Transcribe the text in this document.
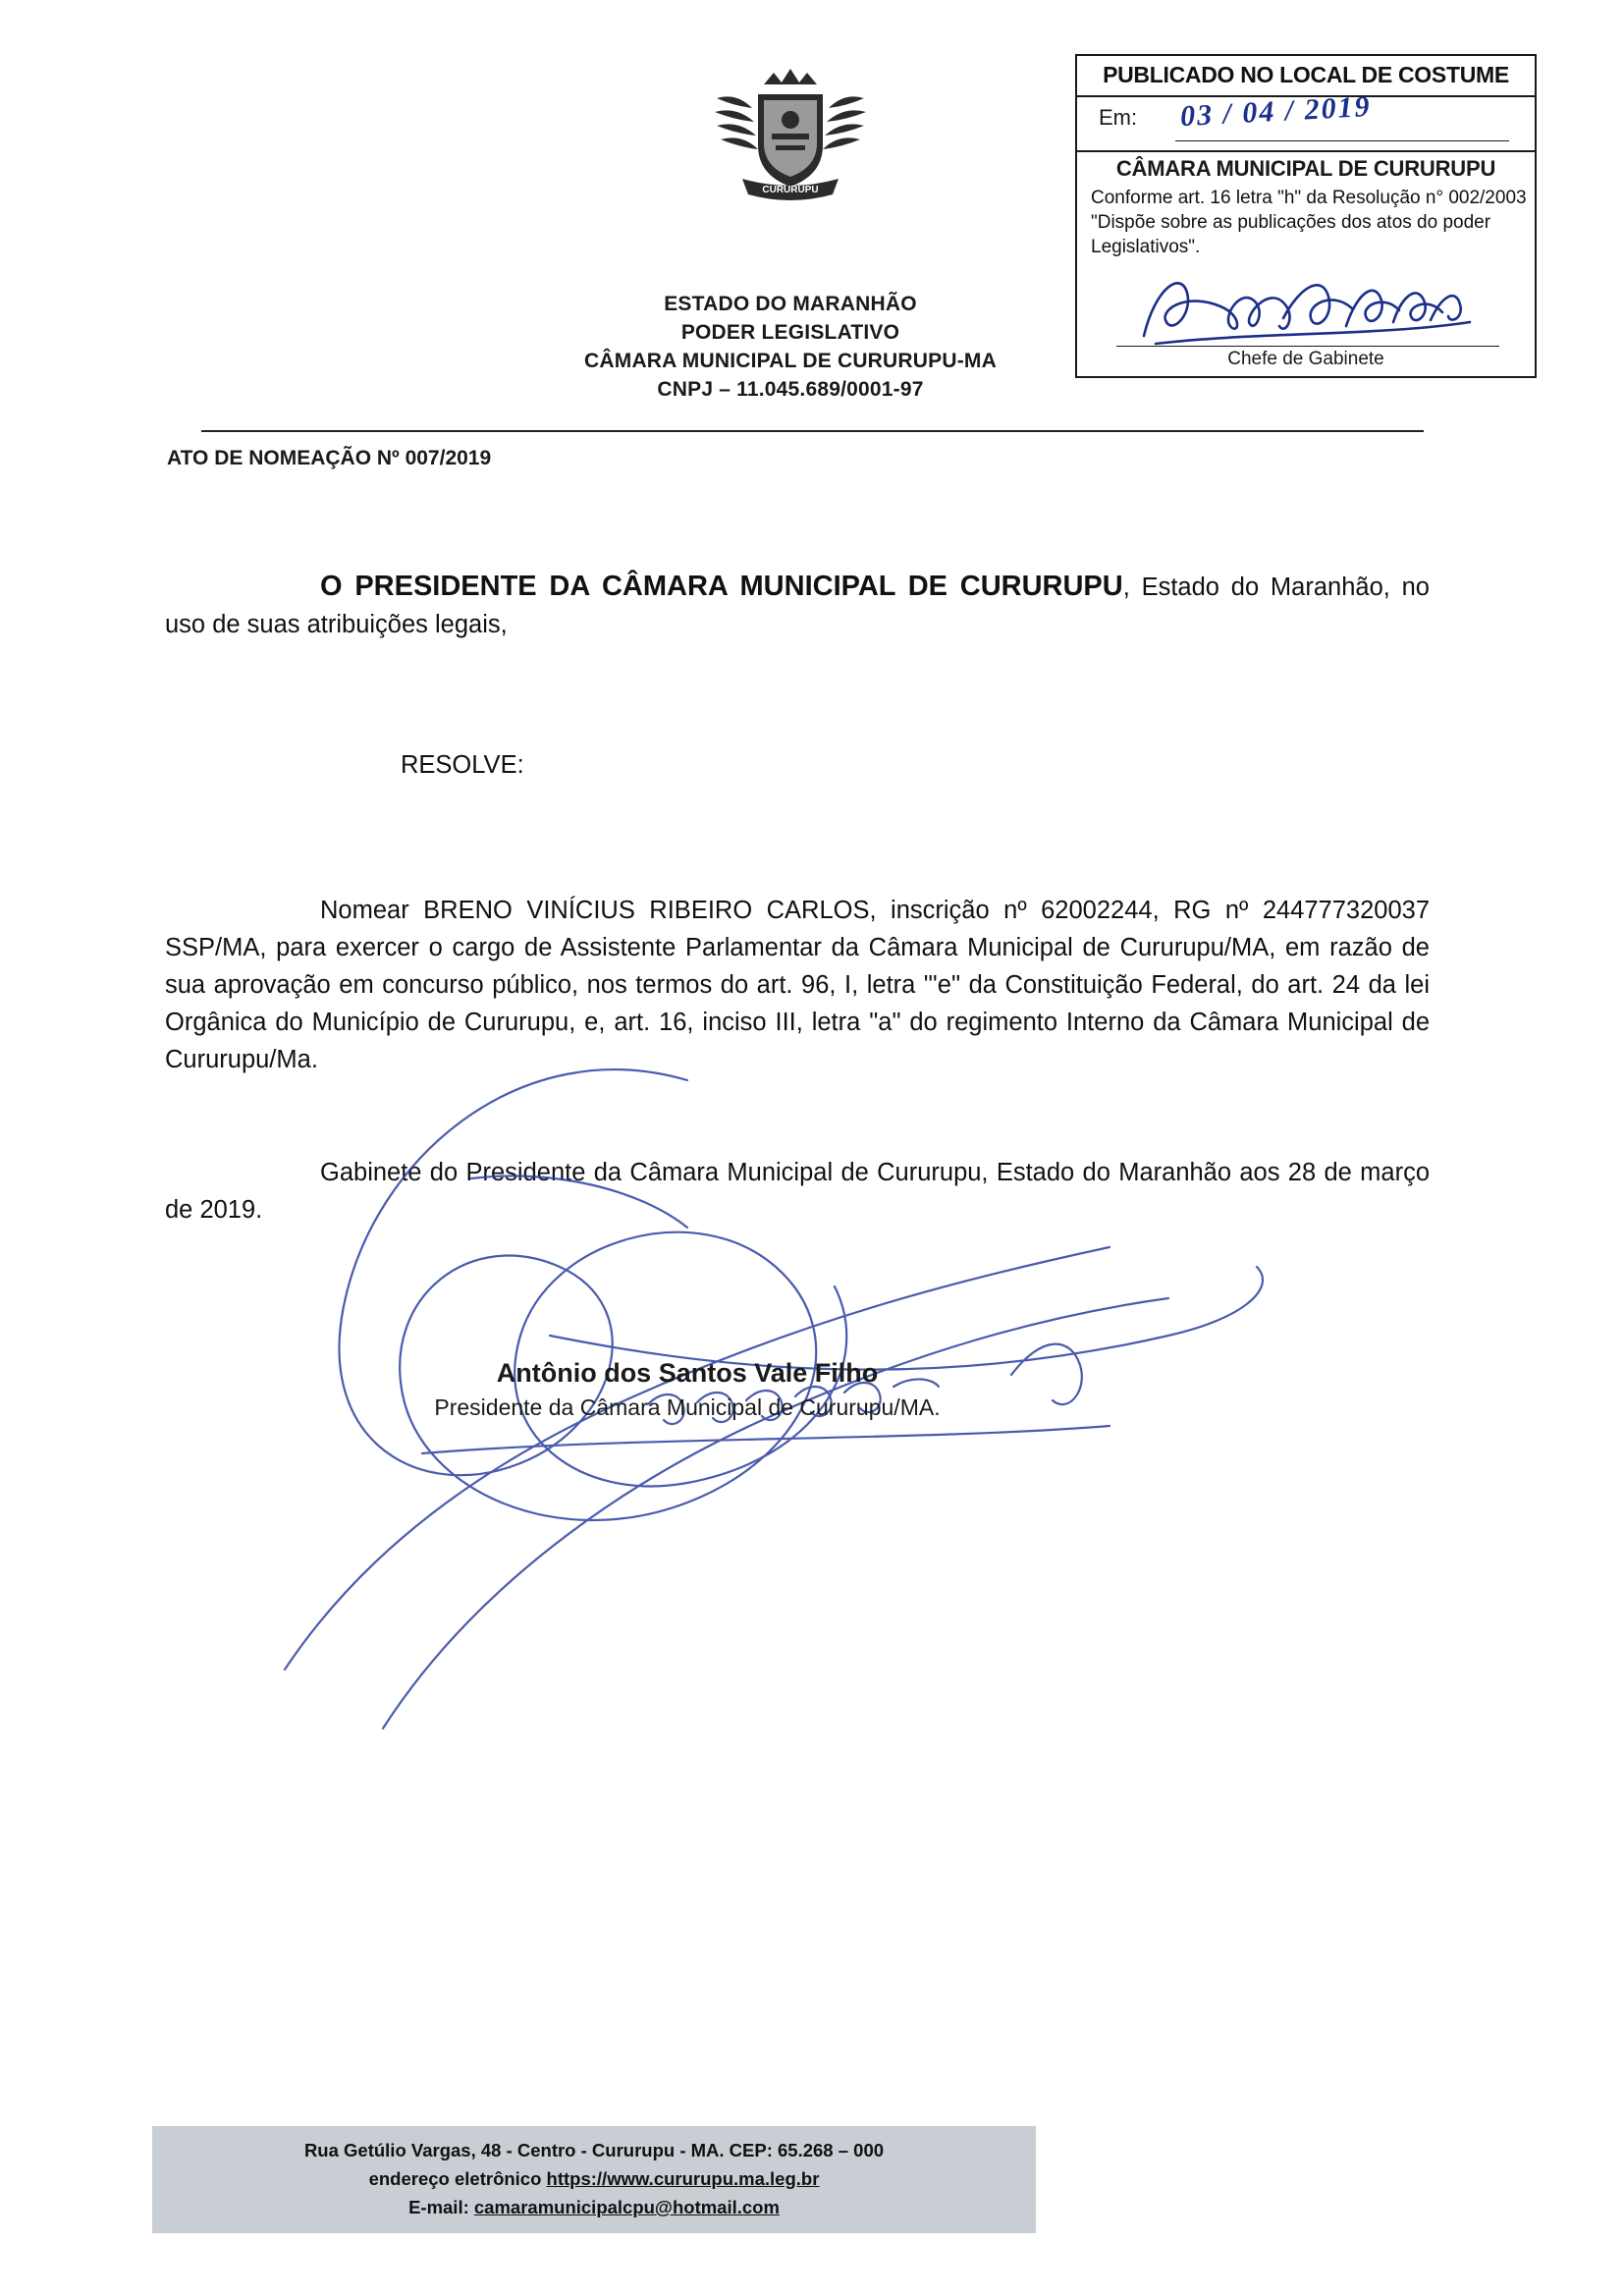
CURURUPU
ESTADO DO MARANHÃO
PODER LEGISLATIVO
CÂMARA MUNICIPAL DE CURURUPU-MA
CNPJ – 11.045.689/0001-97
PUBLICADO NO LOCAL DE COSTUME
Em: 03 / 04 / 2019
CÂMARA MUNICIPAL DE CURURUPU
Conforme art. 16 letra "h" da Resolução n° 002/2003 "Dispõe sobre as publicações dos atos do poder Legislativos".
Chefe de Gabinete
ATO DE NOMEAÇÃO Nº 007/2019
O PRESIDENTE DA CÂMARA MUNICIPAL DE CURURUPU, Estado do Maranhão, no uso de suas atribuições legais,
RESOLVE:
Nomear BRENO VINÍCIUS RIBEIRO CARLOS, inscrição nº 62002244, RG nº 244777320037 SSP/MA, para exercer o cargo de Assistente Parlamentar da Câmara Municipal de Cururupu/MA, em razão de sua aprovação em concurso público, nos termos do art. 96, I, letra "'e" da Constituição Federal, do art. 24 da lei Orgânica do Município de Cururupu, e, art. 16, inciso III, letra "a" do regimento Interno da Câmara Municipal de Cururupu/Ma.
Gabinete do Presidente da Câmara Municipal de Cururupu, Estado do Maranhão aos 28 de março de 2019.
Antônio dos Santos Vale Filho
Presidente da Câmara Municipal de Cururupu/MA.
Rua Getúlio Vargas, 48 - Centro - Cururupu - MA. CEP: 65.268 – 000
endereço eletrônico https://www.cururupu.ma.leg.br
E-mail: camaramunicipalcpu@hotmail.com
